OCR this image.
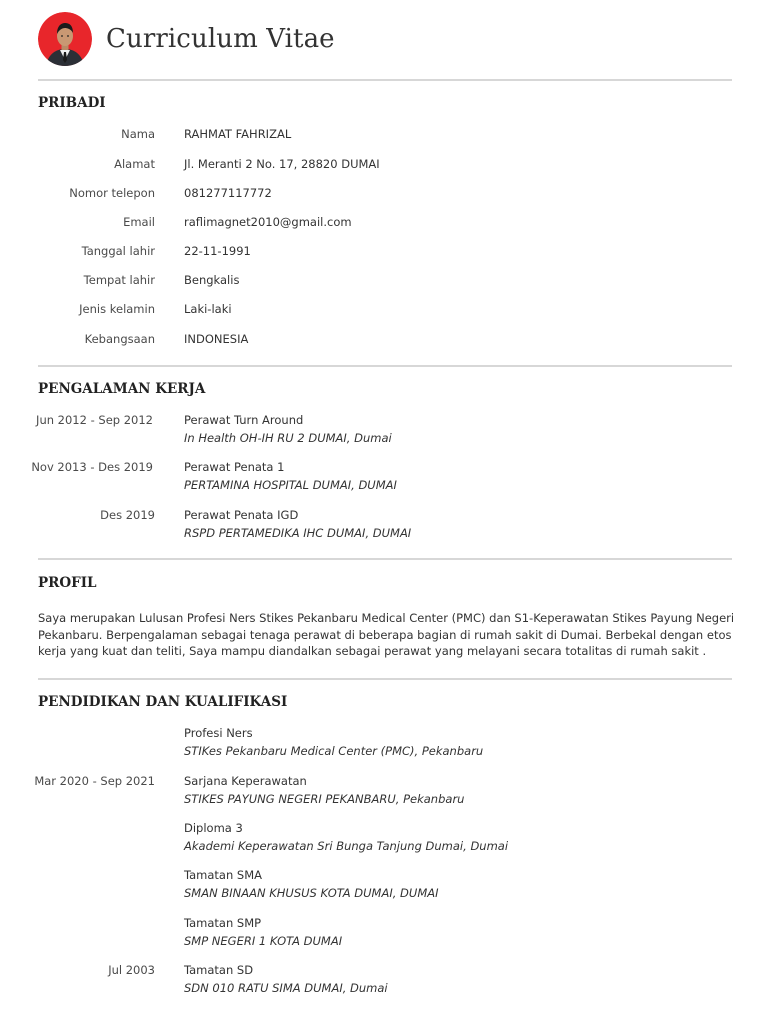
Curriculum Vitae
PRIBADI
Nama	RAHMAT FAHRIZAL
Alamat	Jl. Meranti 2 No. 17, 28820 DUMAI
Nomor telepon	081277117772
Email	raflimagnet2010@gmail.com
Tanggal lahir	22-11-1991
Tempat lahir	Bengkalis
Jenis kelamin	Laki-laki
Kebangsaan	INDONESIA
PENGALAMAN KERJA
Jun 2012 - Sep 2012	Perawat Turn Around
In Health OH-IH RU 2 DUMAI, Dumai
Nov 2013 - Des 2019	Perawat Penata 1
PERTAMINA HOSPITAL DUMAI, DUMAI
Des 2019	Perawat Penata IGD
RSPD PERTAMEDIKA IHC DUMAI, DUMAI
PROFIL

Saya merupakan Lulusan Profesi Ners Stikes Pekanbaru Medical Center (PMC) dan S1-Keperawatan Stikes Payung Negeri Pekanbaru. Berpengalaman sebagai tenaga perawat di beberapa bagian di rumah sakit di Dumai. Berbekal dengan etos kerja yang kuat dan teliti, Saya mampu diandalkan sebagai perawat yang melayani secara totalitas di rumah sakit .

PENDIDIKAN DAN KUALIFIKASI
Profesi Ners
STIKes Pekanbaru Medical Center (PMC), Pekanbaru
Mar 2020 - Sep 2021	Sarjana Keperawatan
STIKES PAYUNG NEGERI PEKANBARU, Pekanbaru
Diploma 3
Akademi Keperawatan Sri Bunga Tanjung Dumai, Dumai
Tamatan SMA
SMAN BINAAN KHUSUS KOTA DUMAI, DUMAI
Tamatan SMP
SMP NEGERI 1 KOTA DUMAI
Jul 2003	Tamatan SD
SDN 010 RATU SIMA DUMAI, Dumai
